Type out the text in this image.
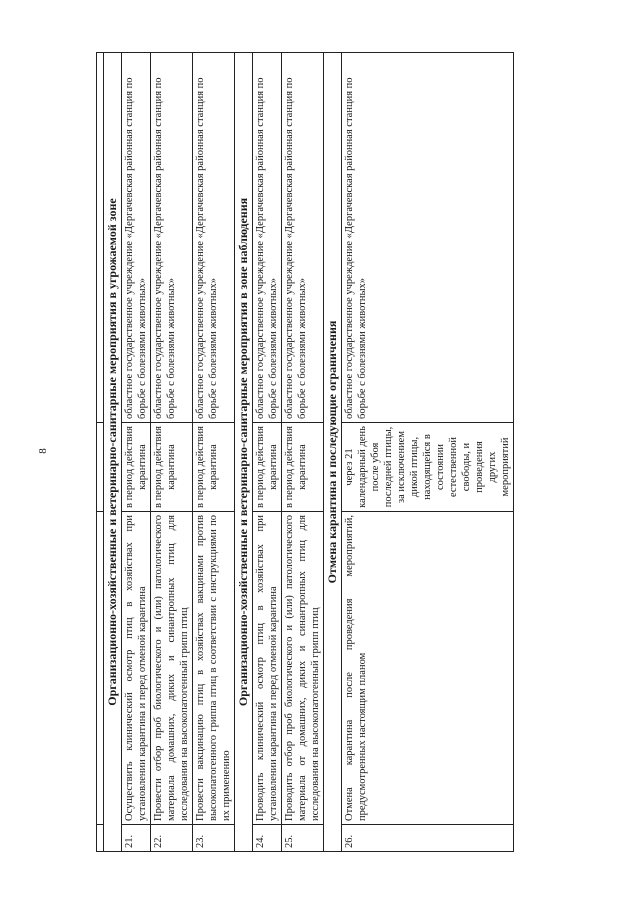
8
				Организационно-хозяйственные и ветеринарно-санитарные мероприятия в угрожаемой зоне			
21.	Осуществить клинический осмотр птиц в хозяйствах при установлении карантина и перед отменой карантина	в период действия карантина	областное государственное учреждение «Дергачевская районная станция по борьбе с болезнями животных»
22.	Провести отбор проб биологического и (или) патологического материала домашних, диких и синантропных птиц для исследования на высокопатогенный грипп птиц	в период действия карантина	областное государственное учреждение «Дергачевская районная станция по борьбе с болезнями животных»
23.	Провести вакцинацию птиц в хозяйствах вакцинами против высокопатогенного гриппа птиц в соответствии с инструкциями по их применению	в период действия карантина	областное государственное учреждение «Дергачевская районная станция по борьбе с болезнями животных»
Организационно-хозяйственные и ветеринарно-санитарные мероприятия в зоне наблюдения			
24.	Проводить клинический осмотр птиц в хозяйствах при установлении карантина и перед отменой карантина	в период действия карантина	областное государственное учреждение «Дергачевская районная станция по борьбе с болезнями животных»
25.	Проводить отбор проб биологического и (или) патологического материала от домашних, диких и синантропных птиц для исследования на высокопатогенный грипп птиц	в период действия карантина	областное государственное учреждение «Дергачевская районная станция по борьбе с болезнями животных»
Отмена карантина и последующие ограничения			
26.	Отмена карантина после проведения мероприятий, предусмотренных настоящим планом	через 21 календарный день после убоя последней птицы, за исключением дикой птицы, находящейся в состоянии естественной свободы, и проведения других мероприятий	областное государственное учреждение «Дергачевская районная станция по борьбе с болезнями животных»
